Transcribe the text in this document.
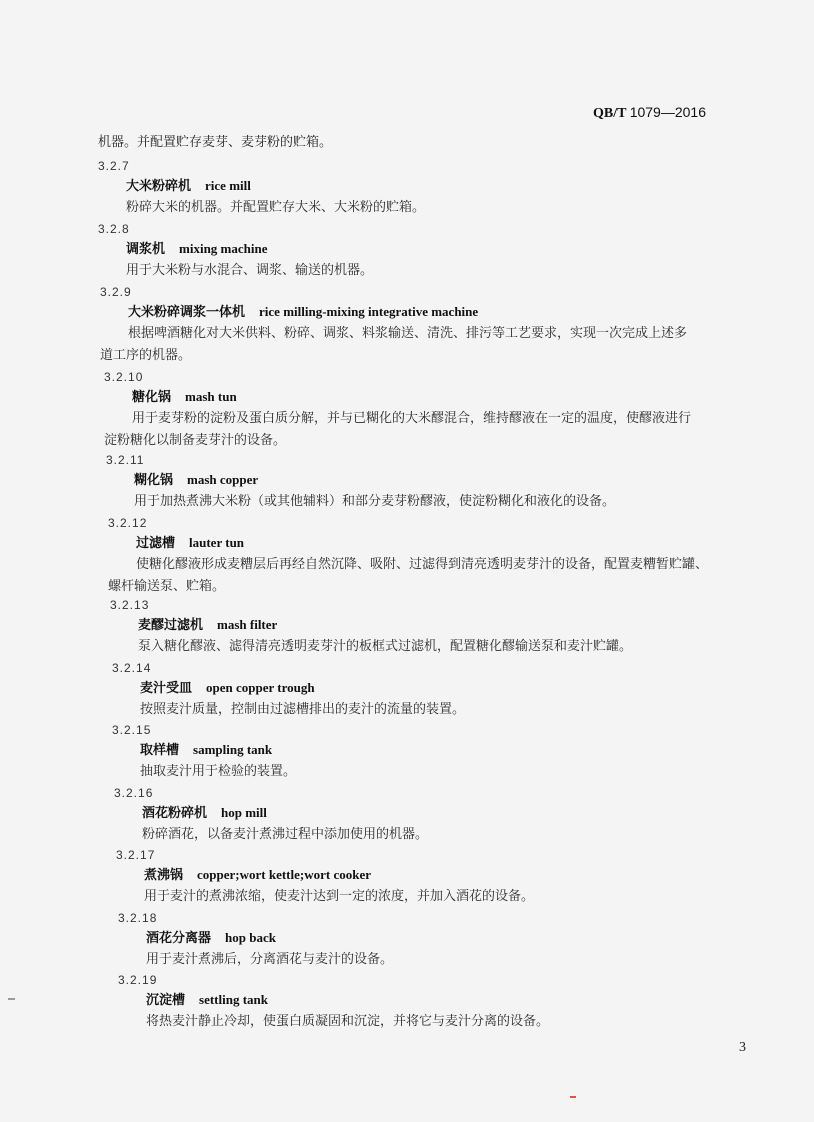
QB/T 1079—2016
机器。并配置贮存麦芽、麦芽粉的贮箱。
3.2.7
大米粉碎机 rice mill
粉碎大米的机器。并配置贮存大米、大米粉的贮箱。
3.2.8
调浆机 mixing machine
用于大米粉与水混合、调浆、输送的机器。
3.2.9
大米粉碎调浆一体机 rice milling-mixing integrative machine
根据啤酒糖化对大米供料、粉碎、调浆、料浆输送、清洗、排污等工艺要求，实现一次完成上述多
道工序的机器。
3.2.10
糖化锅 mash tun
用于麦芽粉的淀粉及蛋白质分解，并与已糊化的大米醪混合，维持醪液在一定的温度，使醪液进行
淀粉糖化以制备麦芽汁的设备。
3.2.11
糊化锅 mash copper
用于加热煮沸大米粉（或其他辅料）和部分麦芽粉醪液，使淀粉糊化和液化的设备。
3.2.12
过滤槽 lauter tun
使糖化醪液形成麦糟层后再经自然沉降、吸附、过滤得到清亮透明麦芽汁的设备，配置麦糟暂贮罐、
螺杆输送泵、贮箱。
3.2.13
麦醪过滤机 mash filter
泵入糖化醪液、滤得清亮透明麦芽汁的板框式过滤机，配置糖化醪输送泵和麦汁贮罐。
3.2.14
麦汁受皿 open copper trough
按照麦汁质量，控制由过滤槽排出的麦汁的流量的装置。
3.2.15
取样槽 sampling tank
抽取麦汁用于检验的装置。
3.2.16
酒花粉碎机 hop mill
粉碎酒花，以备麦汁煮沸过程中添加使用的机器。
3.2.17
煮沸锅 copper;wort kettle;wort cooker
用于麦汁的煮沸浓缩，使麦汁达到一定的浓度，并加入酒花的设备。
3.2.18
酒花分离器 hop back
用于麦汁煮沸后，分离酒花与麦汁的设备。
3.2.19
沉淀槽 settling tank
将热麦汁静止冷却，使蛋白质凝固和沉淀，并将它与麦汁分离的设备。
3
